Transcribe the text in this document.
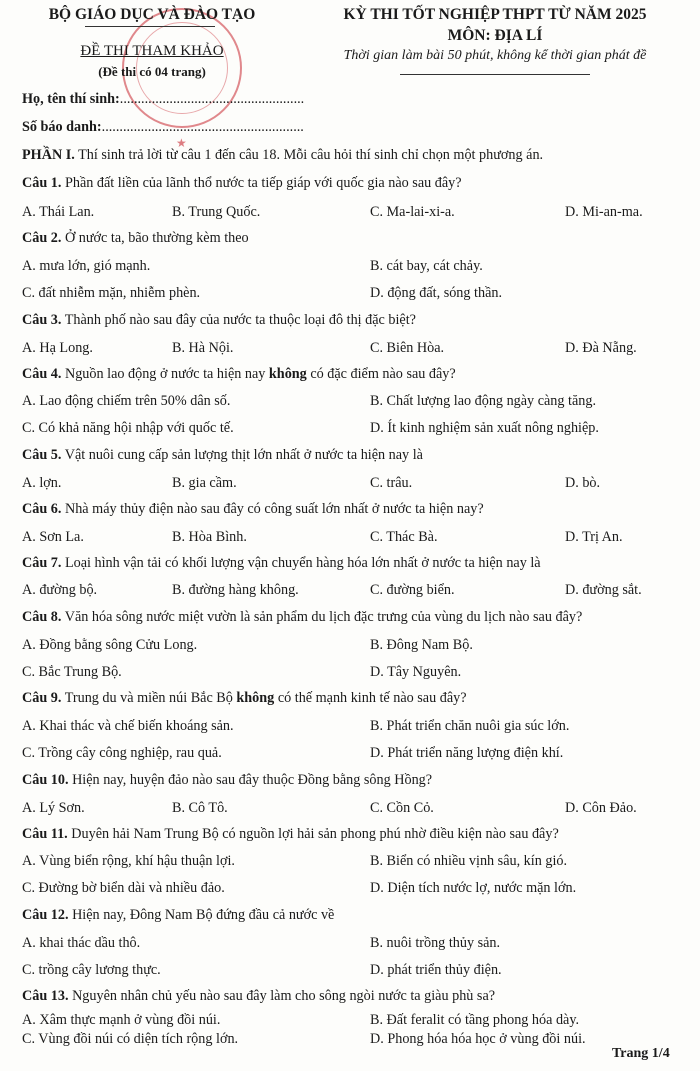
★
BỘ GIÁO DỤC VÀ ĐÀO TẠO
ĐỀ THI THAM KHẢO
(Đề thi có 04 trang)
KỲ THI TỐT NGHIỆP THPT TỪ NĂM 2025
MÔN: ĐỊA LÍ
Thời gian làm bài 50 phút, không kể thời gian phát đề
Họ, tên thí sinh:....................................................
Số báo danh:.........................................................
PHẦN I. Thí sinh trả lời từ câu 1 đến câu 18. Mỗi câu hỏi thí sinh chỉ chọn một phương án.
Câu 1. Phần đất liền của lãnh thổ nước ta tiếp giáp với quốc gia nào sau đây?
A. Thái Lan.	B. Trung Quốc.	C. Ma-lai-xi-a.	D. Mi-an-ma.
Câu 2. Ở nước ta, bão thường kèm theo
A. mưa lớn, gió mạnh.	B. cát bay, cát chảy.
C. đất nhiễm mặn, nhiễm phèn.	D. động đất, sóng thần.
Câu 3. Thành phố nào sau đây của nước ta thuộc loại đô thị đặc biệt?
A. Hạ Long.	B. Hà Nội.	C. Biên Hòa.	D. Đà Nẵng.
Câu 4. Nguồn lao động ở nước ta hiện nay không có đặc điểm nào sau đây?
A. Lao động chiếm trên 50% dân số.	B. Chất lượng lao động ngày càng tăng.
C. Có khả năng hội nhập với quốc tế.	D. Ít kinh nghiệm sản xuất nông nghiệp.
Câu 5. Vật nuôi cung cấp sản lượng thịt lớn nhất ở nước ta hiện nay là
A. lợn.	B. gia cầm.	C. trâu.	D. bò.
Câu 6. Nhà máy thủy điện nào sau đây có công suất lớn nhất ở nước ta hiện nay?
A. Sơn La.	B. Hòa Bình.	C. Thác Bà.	D. Trị An.
Câu 7. Loại hình vận tải có khối lượng vận chuyển hàng hóa lớn nhất ở nước ta hiện nay là
A. đường bộ.	B. đường hàng không.	C. đường biển.	D. đường sắt.
Câu 8. Văn hóa sông nước miệt vườn là sản phẩm du lịch đặc trưng của vùng du lịch nào sau đây?
A. Đồng bằng sông Cửu Long.	B. Đông Nam Bộ.
C. Bắc Trung Bộ.	D. Tây Nguyên.
Câu 9. Trung du và miền núi Bắc Bộ không có thế mạnh kinh tế nào sau đây?
A. Khai thác và chế biến khoáng sản.	B. Phát triển chăn nuôi gia súc lớn.
C. Trồng cây công nghiệp, rau quả.	D. Phát triển năng lượng điện khí.
Câu 10. Hiện nay, huyện đảo nào sau đây thuộc Đồng bằng sông Hồng?
A. Lý Sơn.	B. Cô Tô.	C. Cồn Cỏ.	D. Côn Đảo.
Câu 11. Duyên hải Nam Trung Bộ có nguồn lợi hải sản phong phú nhờ điều kiện nào sau đây?
A. Vùng biển rộng, khí hậu thuận lợi.	B. Biển có nhiều vịnh sâu, kín gió.
C. Đường bờ biển dài và nhiều đảo.	D. Diện tích nước lợ, nước mặn lớn.
Câu 12. Hiện nay, Đông Nam Bộ đứng đầu cả nước về
A. khai thác dầu thô.	B. nuôi trồng thủy sản.
C. trồng cây lương thực.	D. phát triển thủy điện.
Câu 13. Nguyên nhân chủ yếu nào sau đây làm cho sông ngòi nước ta giàu phù sa?
A. Xâm thực mạnh ở vùng đồi núi.	B. Đất feralit có tầng phong hóa dày.
C. Vùng đồi núi có diện tích rộng lớn.	D. Phong hóa hóa học ở vùng đồi núi.
Trang 1/4
